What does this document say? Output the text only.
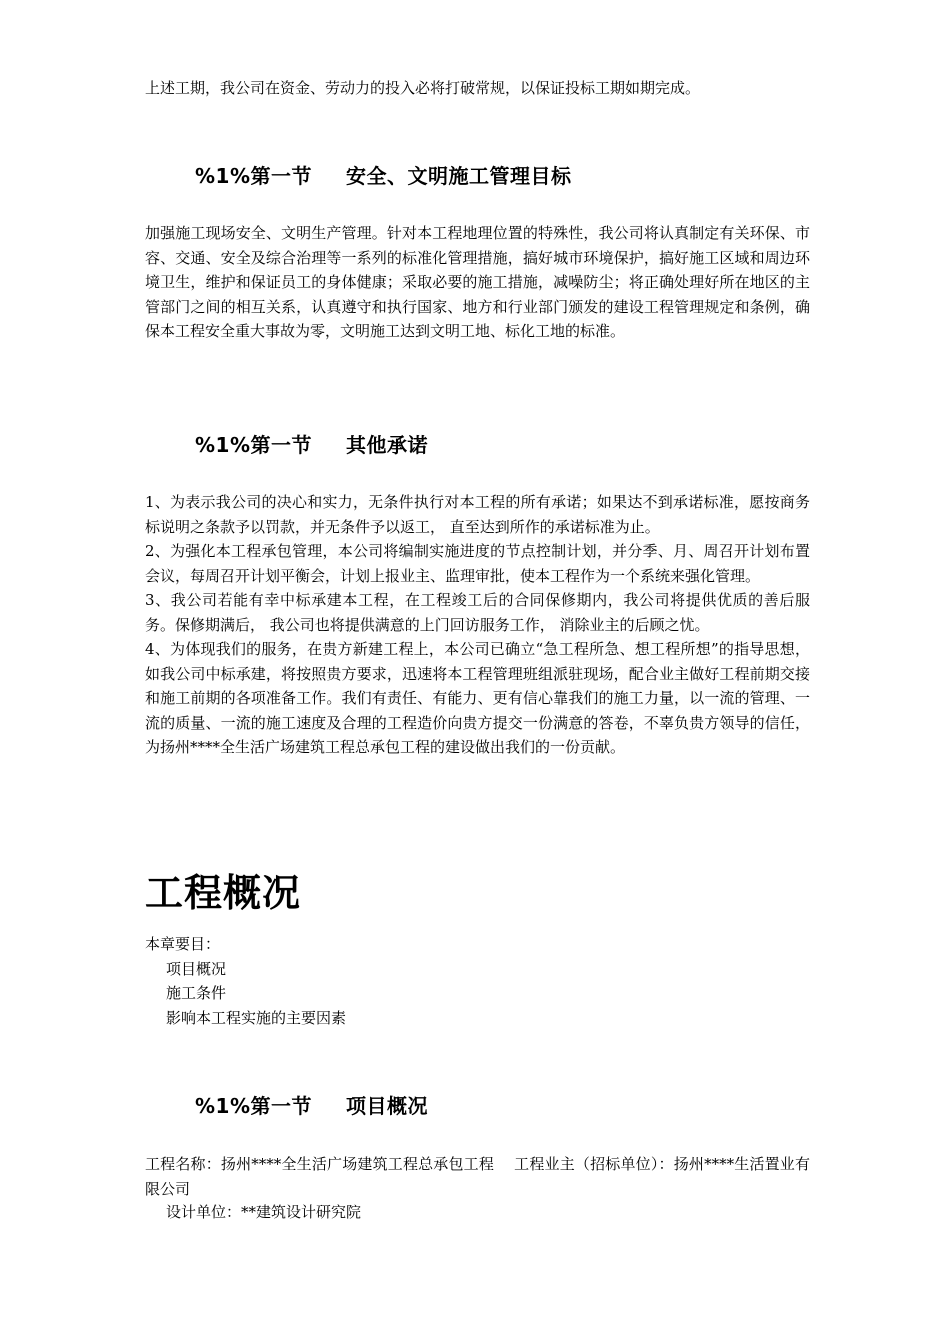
上述工期，我公司在资金、劳动力的投入必将打破常规，以保证投标工期如期完成。
%1%第一节 安全、文明施工管理目标
加强施工现场安全、文明生产管理。针对本工程地理位置的特殊性，我公司将认真制定有关环保、市容、交通、安全及综合治理等一系列的标准化管理措施，搞好城市环境保护，搞好施工区域和周边环境卫生，维护和保证员工的身体健康；采取必要的施工措施，减噪防尘；将正确处理好所在地区的主管部门之间的相互关系，认真遵守和执行国家、地方和行业部门颁发的建设工程管理规定和条例，确保本工程安全重大事故为零，文明施工达到文明工地、标化工地的标准。
%1%第一节 其他承诺
1、为表示我公司的决心和实力，无条件执行对本工程的所有承诺；如果达不到承诺标准，愿按商务标说明之条款予以罚款，并无条件予以返工， 直至达到所作的承诺标准为止。
2、为强化本工程承包管理，本公司将编制实施进度的节点控制计划，并分季、月、周召开计划布置会议，每周召开计划平衡会，计划上报业主、监理审批，使本工程作为一个系统来强化管理。
3、我公司若能有幸中标承建本工程，在工程竣工后的合同保修期内，我公司将提供优质的善后服务。保修期满后， 我公司也将提供满意的上门回访服务工作， 消除业主的后顾之忧。
4、为体现我们的服务，在贵方新建工程上，本公司已确立“急工程所急、想工程所想”的指导思想，如我公司中标承建，将按照贵方要求，迅速将本工程管理班组派驻现场，配合业主做好工程前期交接和施工前期的各项准备工作。我们有责任、有能力、更有信心靠我们的施工力量，以一流的管理、一流的质量、一流的施工速度及合理的工程造价向贵方提交一份满意的答卷，不辜负贵方领导的信任，为扬州****全生活广场建筑工程总承包工程的建设做出我们的一份贡献。
工程概况
本章要目：
项目概况
施工条件
影响本工程实施的主要因素
%1%第一节 项目概况
工程名称：扬州****全生活广场建筑工程总承包工程　 工程业主（招标单位）：扬州****生活置业有限公司
设计单位：**建筑设计研究院
